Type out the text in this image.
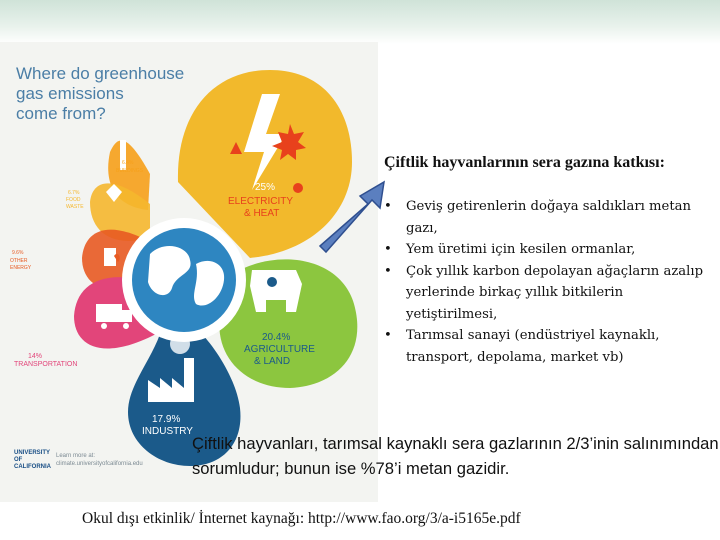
25%
ELECTRICITY
& HEAT
20.4%
AGRICULTURE
& LAND
17.9%
INDUSTRY
14%
TRANSPORTATION
9.6%
OTHER
ENERGY
6.4%
BUILDINGS
6.7%
FOOD
WASTE
Where do greenhouse
gas emissions
come from?
UNIVERSITY OF CALIFORNIA
Learn more at:
climate.universityofcalifornia.edu
Çiftlik hayvanlarının sera gazına katkısı:
• Geviş getirenlerin doğaya saldıkları metan gazı,
• Yem üretimi için kesilen ormanlar,
• Çok yıllık karbon depolayan ağaçların azalıp yerlerinde birkaç yıllık bitkilerin yetiştirilmesi,
• Tarımsal sanayi (endüstriyel kaynaklı, transport, depolama, market vb)
Çiftlik hayvanları, tarımsal kaynaklı sera gazlarının 2/3’inin salınımından sorumludur; bunun ise %78’i metan gazidir.
Okul dışı etkinlik/ İnternet kaynağı: http://www.fao.org/3/a-i5165e.pdf
